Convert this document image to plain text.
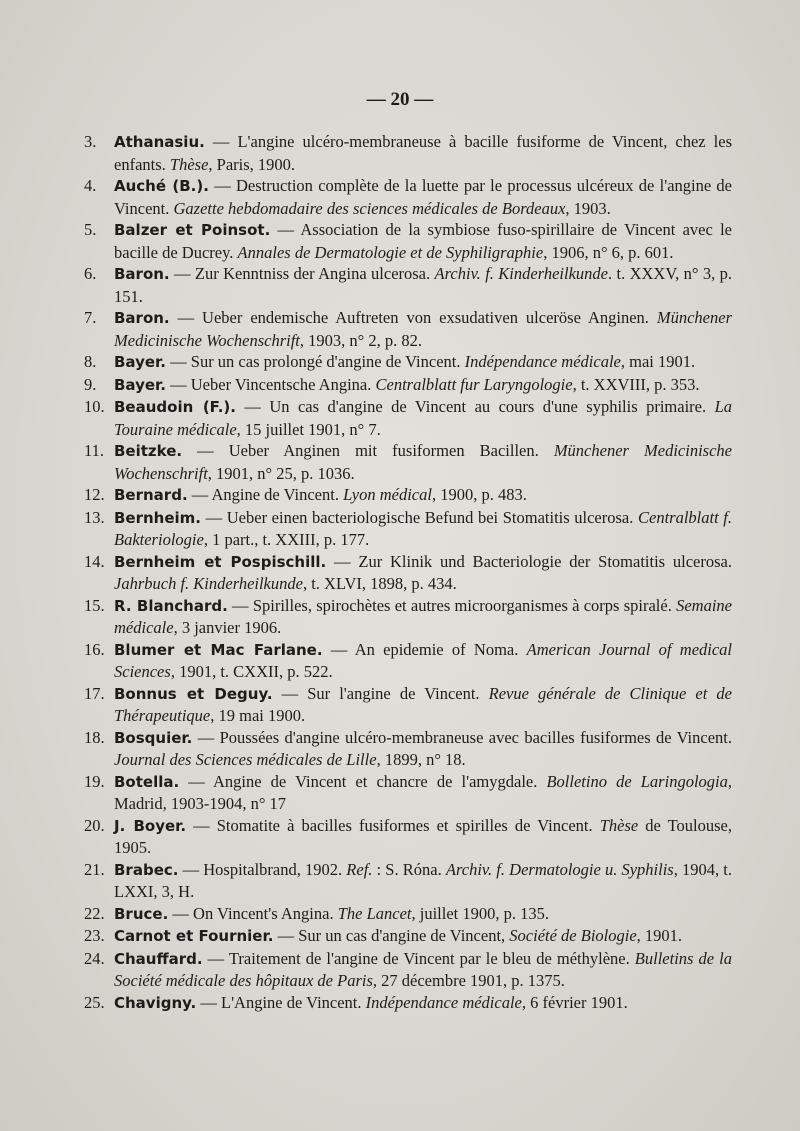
— 20 —
3.	Athanasiu. — L'angine ulcéro-membraneuse à bacille fusiforme de Vincent, chez les enfants. Thèse, Paris, 1900.
4.	Auché (B.). — Destruction complète de la luette par le processus ulcéreux de l'angine de Vincent. Gazette hebdomadaire des sciences médicales de Bordeaux, 1903.
5.	Balzer et Poinsot. — Association de la symbiose fuso-spirillaire de Vincent avec le bacille de Ducrey. Annales de Dermatologie et de Syphiligraphie, 1906, n° 6, p. 601.
6.	Baron. — Zur Kenntniss der Angina ulcerosa. Archiv. f. Kinderheilkunde. t. XXXV, n° 3, p. 151.
7.	Baron. — Ueber endemische Auftreten von exsudativen ulceröse Anginen. Münchener Medicinische Wochenschrift, 1903, n° 2, p. 82.
8.	Bayer. — Sur un cas prolongé d'angine de Vincent. Indépendance médicale, mai 1901.
9.	Bayer. — Ueber Vincentsche Angina. Centralblatt fur Laryngologie, t. XXVIII, p. 353.
10. Beaudoin (F.). — Un cas d'angine de Vincent au cours d'une syphilis primaire. La Touraine médicale, 15 juillet 1901, n° 7.
11. Beitzke. — Ueber Anginen mit fusiformen Bacillen. Münchener Medicinische Wochenschrift, 1901, n° 25, p. 1036.
12. Bernard. — Angine de Vincent. Lyon médical, 1900, p. 483.
13. Bernheim. — Ueber einen bacteriologische Befund bei Stomatitis ulcerosa. Centralblatt f. Bakteriologie, 1 part., t. XXIII, p. 177.
14. Bernheim et Pospischill. — Zur Klinik und Bacteriologie der Stomatitis ulcerosa. Jahrbuch f. Kinderheilkunde, t. XLVI, 1898, p. 434.
15. R. Blanchard. — Spirilles, spirochètes et autres microorganismes à corps spiralé. Semaine médicale, 3 janvier 1906.
16. Blumer et Mac Farlane. — An epidemie of Noma. American Journal of medical Sciences, 1901, t. CXXII, p. 522.
17. Bonnus et Deguy. — Sur l'angine de Vincent. Revue générale de Clinique et de Thérapeutique, 19 mai 1900.
18. Bosquier. — Poussées d'angine ulcéro-membraneuse avec bacilles fusiformes de Vincent. Journal des Sciences médicales de Lille, 1899, n° 18.
19. Botella. — Angine de Vincent et chancre de l'amygdale. Bolletino de Laringologia, Madrid, 1903-1904, n° 17
20. J. Boyer. — Stomatite à bacilles fusiformes et spirilles de Vincent. Thèse de Toulouse, 1905.
21. Brabec. — Hospitalbrand, 1902. Ref. : S. Róna. Archiv. f. Dermatologie u. Syphilis, 1904, t. LXXI, 3, H.
22. Bruce. — On Vincent's Angina. The Lancet, juillet 1900, p. 135.
23. Carnot et Fournier. — Sur un cas d'angine de Vincent, Société de Biologie, 1901.
24. Chauffard. — Traitement de l'angine de Vincent par le bleu de méthylène. Bulletins de la Société médicale des hôpitaux de Paris, 27 décembre 1901, p. 1375.
25. Chavigny. — L'Angine de Vincent. Indépendance médicale, 6 février 1901.
